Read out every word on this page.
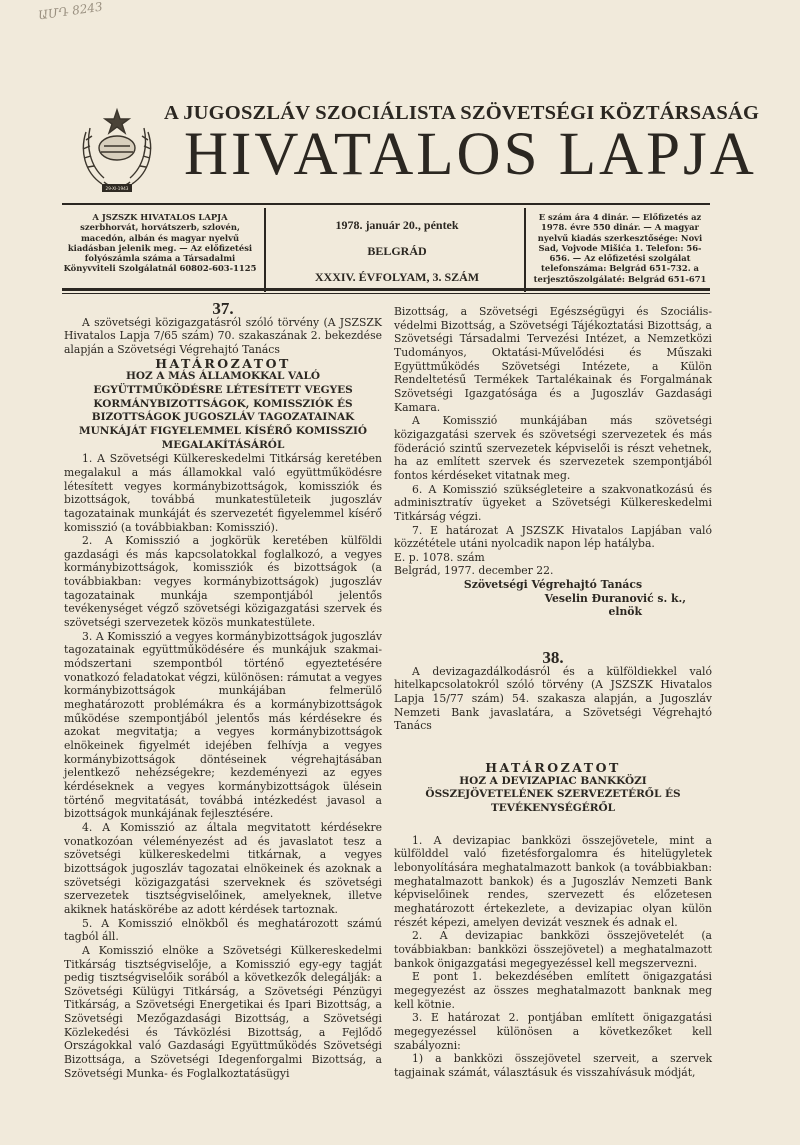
ԱՄԴ 8243
29-XI-1943
A JUGOSZLÁV SZOCIÁLISTA SZÖVETSÉGI KÖZTÁRSASÁG
HIVATALOS LAPJA
A JSZSZK HIVATALOS LAPJA szerbhorvát, horvátszerb, szlovén, macedón, albán és magyar nyelvű kiadásban jelenik meg. — Az előfizetési folyószámla száma a Társadalmi Könyvviteli Szolgálatnál 60802-603-1125
1978. január 20., péntek
BELGRÁD
XXXIV. ÉVFOLYAM, 3. SZÁM
E szám ára 4 dinár. — Előfizetés az 1978. évre 550 dinár. — A magyar nyelvű kiadás szerkesztősége: Novi Sad, Vojvode Mišića 1. Telefon: 56-656. — Az előfizetési szolgálat telefonszáma: Belgrád 651-732. a terjesztőszolgálaté: Belgrád 651-671

37.

A szövetségi közigazgatásról szóló törvény (A JSZSZK Hivatalos Lapja 7/65 szám) 70. szakaszának 2. bekezdése alapján a Szövetségi Végrehajtó Tanács

HATÁROZATOT

HOZ A MÁS ÁLLAMOKKAL VALÓ EGYÜTTMŰKÖDÉSRE LÉTESÍTETT VEGYES KORMÁNYBIZOTTSÁGOK, KOMISSZIÓK ÉS BIZOTTSÁGOK JUGOSZLÁV TAGOZATAINAK MUNKÁJÁT FIGYELEMMEL KÍSÉRŐ KOMISSZIÓ MEGALAKÍTÁSÁRÓL

1. A Szövetségi Külkereskedelmi Titkárság keretében megalakul a más államokkal való együttműködésre létesített vegyes kormánybizottságok, komissziók és bizottságok, továbbá munkatestületeik jugoszláv tagozatainak munkáját és szervezetét figyelemmel kísérő komisszió (a továbbiakban: Komisszió).

2. A Komisszió a jogkörük keretében külföldi gazdasági és más kapcsolatokkal foglalkozó, a vegyes kormánybizottságok, komissziók és bizottságok (a továbbiakban: vegyes kormánybizottságok) jugoszláv tagozatainak munkája szempontjából jelentős tevékenységet végző szövetségi közigazgatási szervek és szövetségi szervezetek közös munkatestülete.

3. A Komisszió a vegyes kormánybizottságok jugoszláv tagozatainak együttműködésére és munkájuk szakmai-módszertani szempontból történő egyeztetésére vonatkozó feladatokat végzi, különösen: rámutat a vegyes kormánybizottságok munkájában felmerülő meghatározott problémákra és a kormánybizottságok működése szempontjából jelentős más kérdésekre és azokat megvitatja; a vegyes kormánybizottságok elnökeinek figyelmét idejében felhívja a vegyes kormánybizottságok döntéseinek végrehajtásában jelentkező nehézségekre; kezdeményezi az egyes kérdéseknek a vegyes kormánybizottságok ülésein történő megvitatását, továbbá intézkedést javasol a bizottságok munkájának fejlesztésére.

4. A Komisszió az általa megvitatott kérdésekre vonatkozóan véleményezést ad és javaslatot tesz a szövetségi külkereskedelmi titkárnak, a vegyes bizottságok jugoszláv tagozatai elnökeinek és azoknak a szövetségi közigazgatási szerveknek és szövetségi szervezetek tisztségviselőinek, amelyeknek, illetve akiknek hatáskörébe az adott kérdések tartoznak.

5. A Komisszió elnökből és meghatározott számú tagból áll.

A Komisszió elnöke a Szövetségi Külkereskedelmi Titkárság tisztségviselője, a Komisszió egy-egy tagját pedig tisztségviselőik sorából a következők delegálják: a Szövetségi Külügyi Titkárság, a Szövetségi Pénzügyi Titkárság, a Szövetségi Energetikai és Ipari Bizottság, a Szövetségi Mezőgazdasági Bizottság, a Szövetségi Közlekedési és Távközlési Bizottság, a Fejlődő Országokkal való Gazdasági Együttműködés Szövetségi Bizottsága, a Szövetségi Idegenforgalmi Bizottság, a Szövetségi Munka- és Foglalkoztatásügyi

Bizottság, a Szövetségi Egészségügyi és Szociális-védelmi Bizottság, a Szövetségi Tájékoztatási Bizottság, a Szövetségi Társadalmi Tervezési Intézet, a Nemzetközi Tudományos, Oktatási-Művelődési és Műszaki Együttműködés Szövetségi Intézete, a Külön Rendeltetésű Termékek Tartalékainak és Forgalmának Szövetségi Igazgatósága és a Jugoszláv Gazdasági Kamara.

A Komisszió munkájában más szövetségi közigazgatási szervek és szövetségi szervezetek és más föderáció szintű szervezetek képviselői is részt vehetnek, ha az említett szervek és szervezetek szempontjából fontos kérdéseket vitatnak meg.

6. A Komisszió szükségleteire a szakvonatkozású és adminisztratív ügyeket a Szövetségi Külkereskedelmi Titkárság végzi.

7. E határozat A JSZSZK Hivatalos Lapjában való közzététele utáni nyolcadik napon lép hatályba.

E. p. 1078. szám

Belgrád, 1977. december 22.

Szövetségi Végrehajtó Tanács

Veselin Đuranović s. k.,

elnök

38.

A devizagazdálkodásról és a külföldiekkel való hitelkapcsolatokról szóló törvény (A JSZSZK Hivatalos Lapja 15/77 szám) 54. szakasza alapján, a Jugoszláv Nemzeti Bank javaslatára, a Szövetségi Végrehajtó Tanács

HATÁROZATOT

HOZ A DEVIZAPIAC BANKKÖZI ÖSSZEJÖVETELÉNEK SZERVEZETÉRŐL ÉS TEVÉKENYSÉGÉRŐL

1. A devizapiac bankközi összejövetele, mint a külfölddel való fizetésforgalomra és hitelügyletek lebonyolítására meghatalmazott bankok (a továbbiakban: meghatalmazott bankok) és a Jugoszláv Nemzeti Bank képviselőinek rendes, szervezett és előzetesen meghatározott értekezlete, a devizapiac olyan külön részét képezi, amelyen devizát vesznek és adnak el.

2. A devizapiac bankközi összejövetelét (a továbbiakban: bankközi összejövetel) a meghatalmazott bankok önigazgatási megegyezéssel kell megszervezni.

E pont 1. bekezdésében említett önigazgatási megegyezést az összes meghatalmazott banknak meg kell kötnie.

3. E határozat 2. pontjában említett önigazgatási megegyezéssel különösen a következőket kell szabályozni:

1) a bankközi összejövetel szerveit, a szervek tagjainak számát, választásuk és visszahívásuk módját,
